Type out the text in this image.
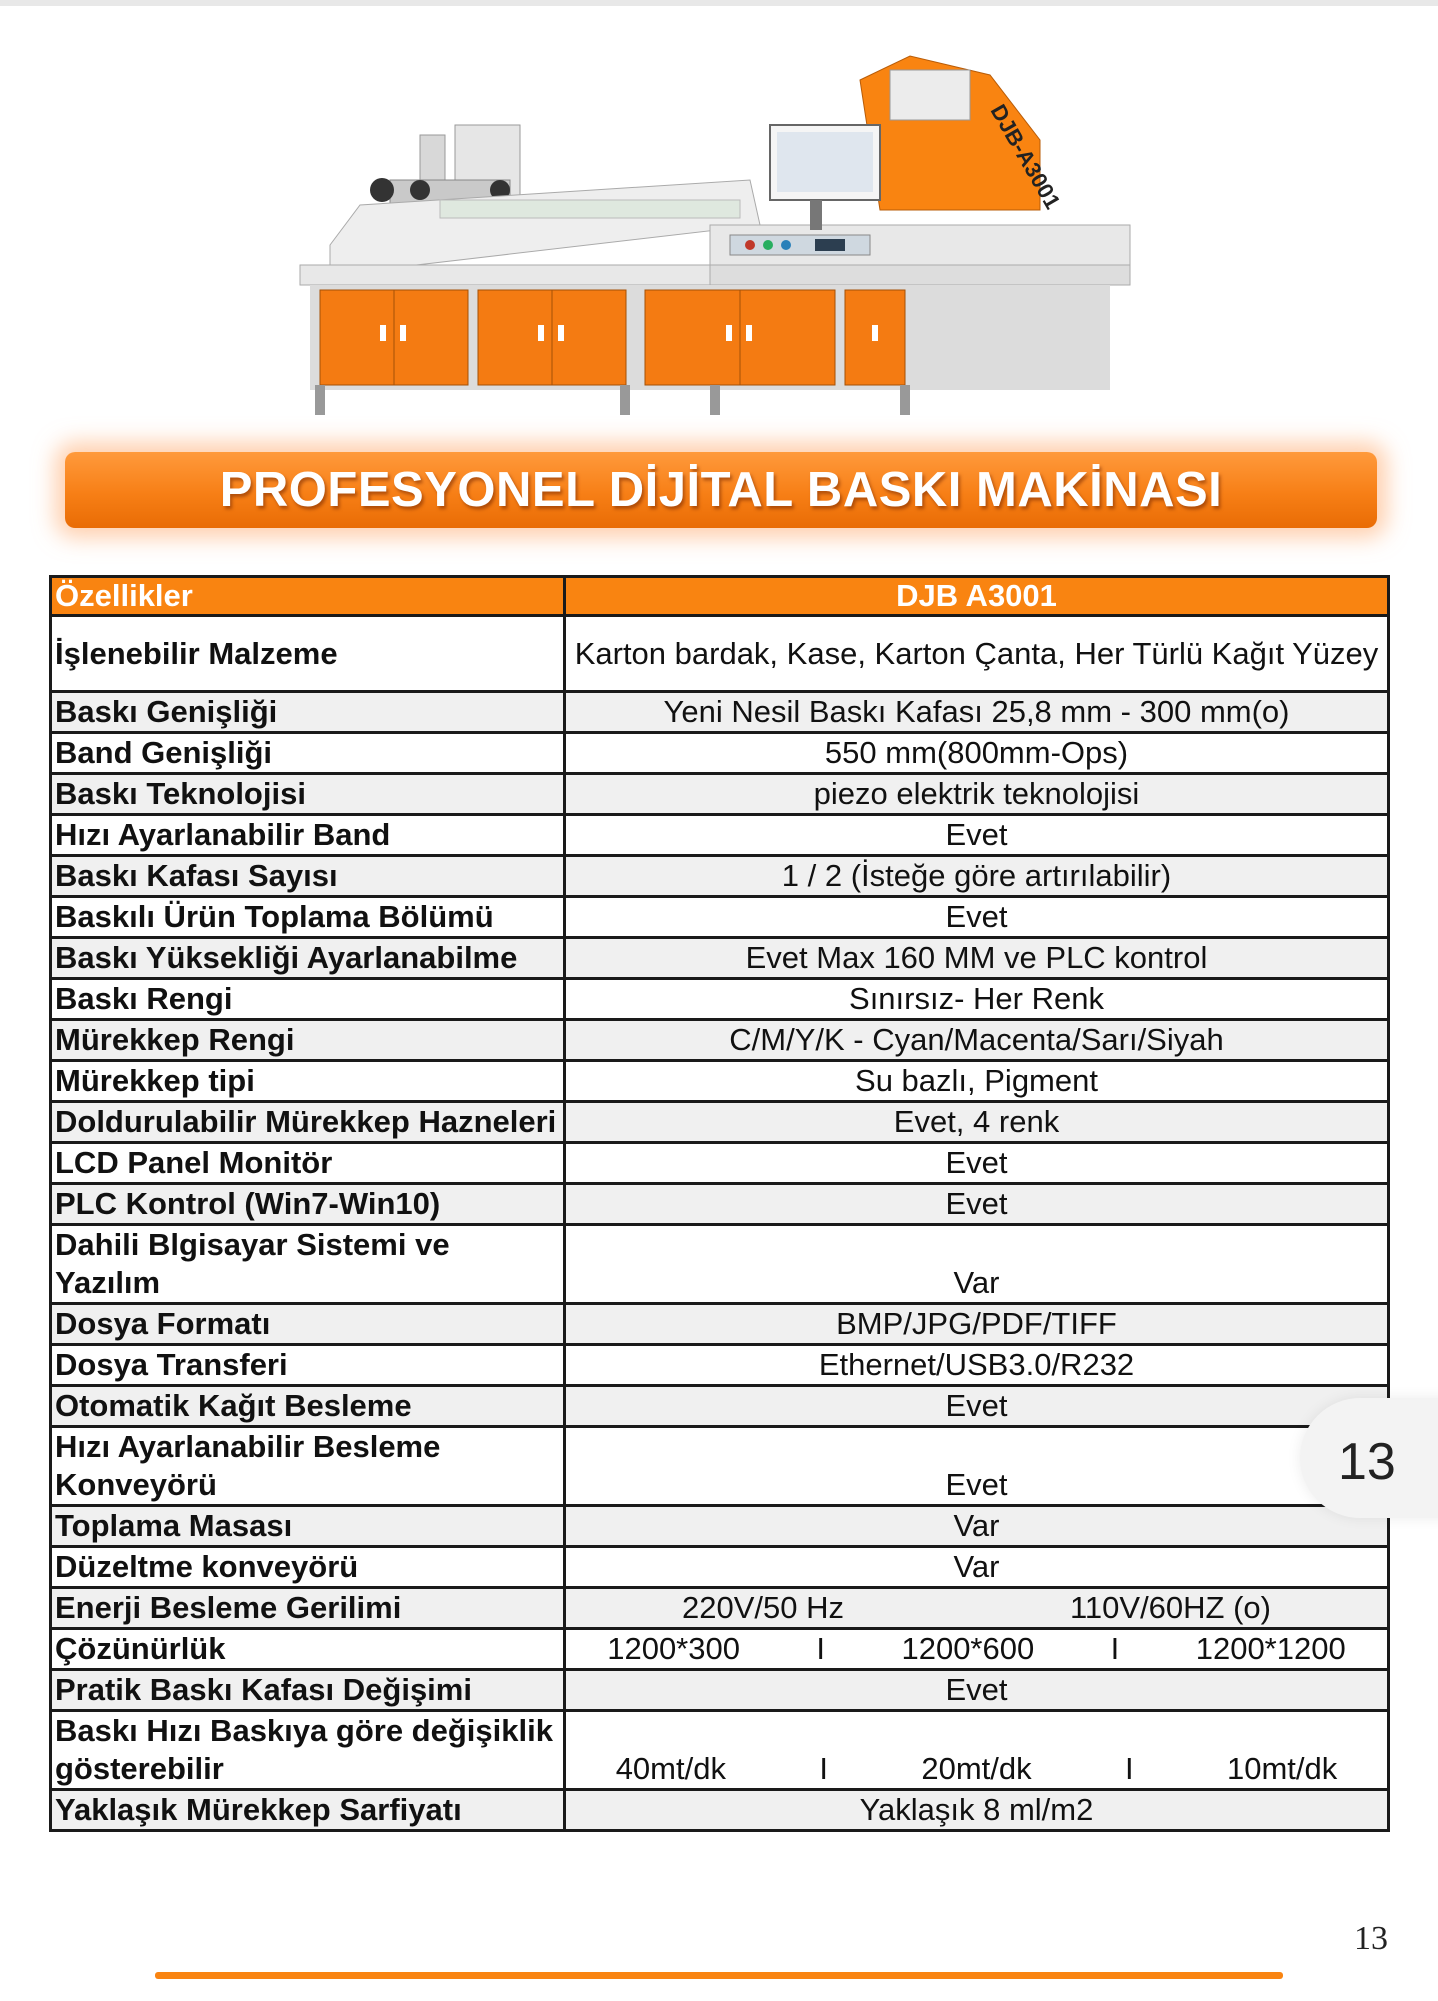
DJB-A3001
PROFESYONEL DİJİTAL BASKI MAKİNASI
Özellikler	DJB A3001
İşlenebilir Malzeme	Karton bardak, Kase, Karton Çanta, Her Türlü Kağıt Yüzey
Baskı Genişliği	Yeni Nesil Baskı Kafası 25,8 mm - 300 mm(o)
Band Genişliği	550 mm(800mm-Ops)
Baskı Teknolojisi	piezo elektrik teknolojisi
Hızı Ayarlanabilir Band	Evet
Baskı Kafası Sayısı	1 / 2 (İsteğe göre artırılabilir)
Baskılı Ürün Toplama Bölümü	Evet
Baskı Yüksekliği Ayarlanabilme	Evet Max 160 MM ve PLC kontrol
Baskı Rengi	Sınırsız- Her Renk
Mürekkep Rengi	C/M/Y/K - Cyan/Macenta/Sarı/Siyah
Mürekkep tipi	Su bazlı, Pigment
Doldurulabilir Mürekkep Hazneleri	Evet, 4 renk
LCD Panel Monitör	Evet
PLC Kontrol (Win7-Win10)	Evet
Dahili Blgisayar Sistemi ve Yazılım	Var
Dosya Formatı	BMP/JPG/PDF/TIFF
Dosya Transferi	Ethernet/USB3.0/R232
Otomatik Kağıt Besleme	Evet
Hızı Ayarlanabilir Besleme Konveyörü	Evet
Toplama Masası	Var
Düzeltme konveyörü	Var
Enerji Besleme Gerilimi	220V/50 Hz 110V/60HZ (o)

Çözünürlük	1200*300 I 1200*600 I 1200*1200

Pratik Baskı Kafası Değişimi	Evet
Baskı Hızı Baskıya göre değişiklik gösterebilir	40mt/dk I 20mt/dk I 10mt/dk

Yaklaşık Mürekkep Sarfiyatı	Yaklaşık 8 ml/m2
13
13
